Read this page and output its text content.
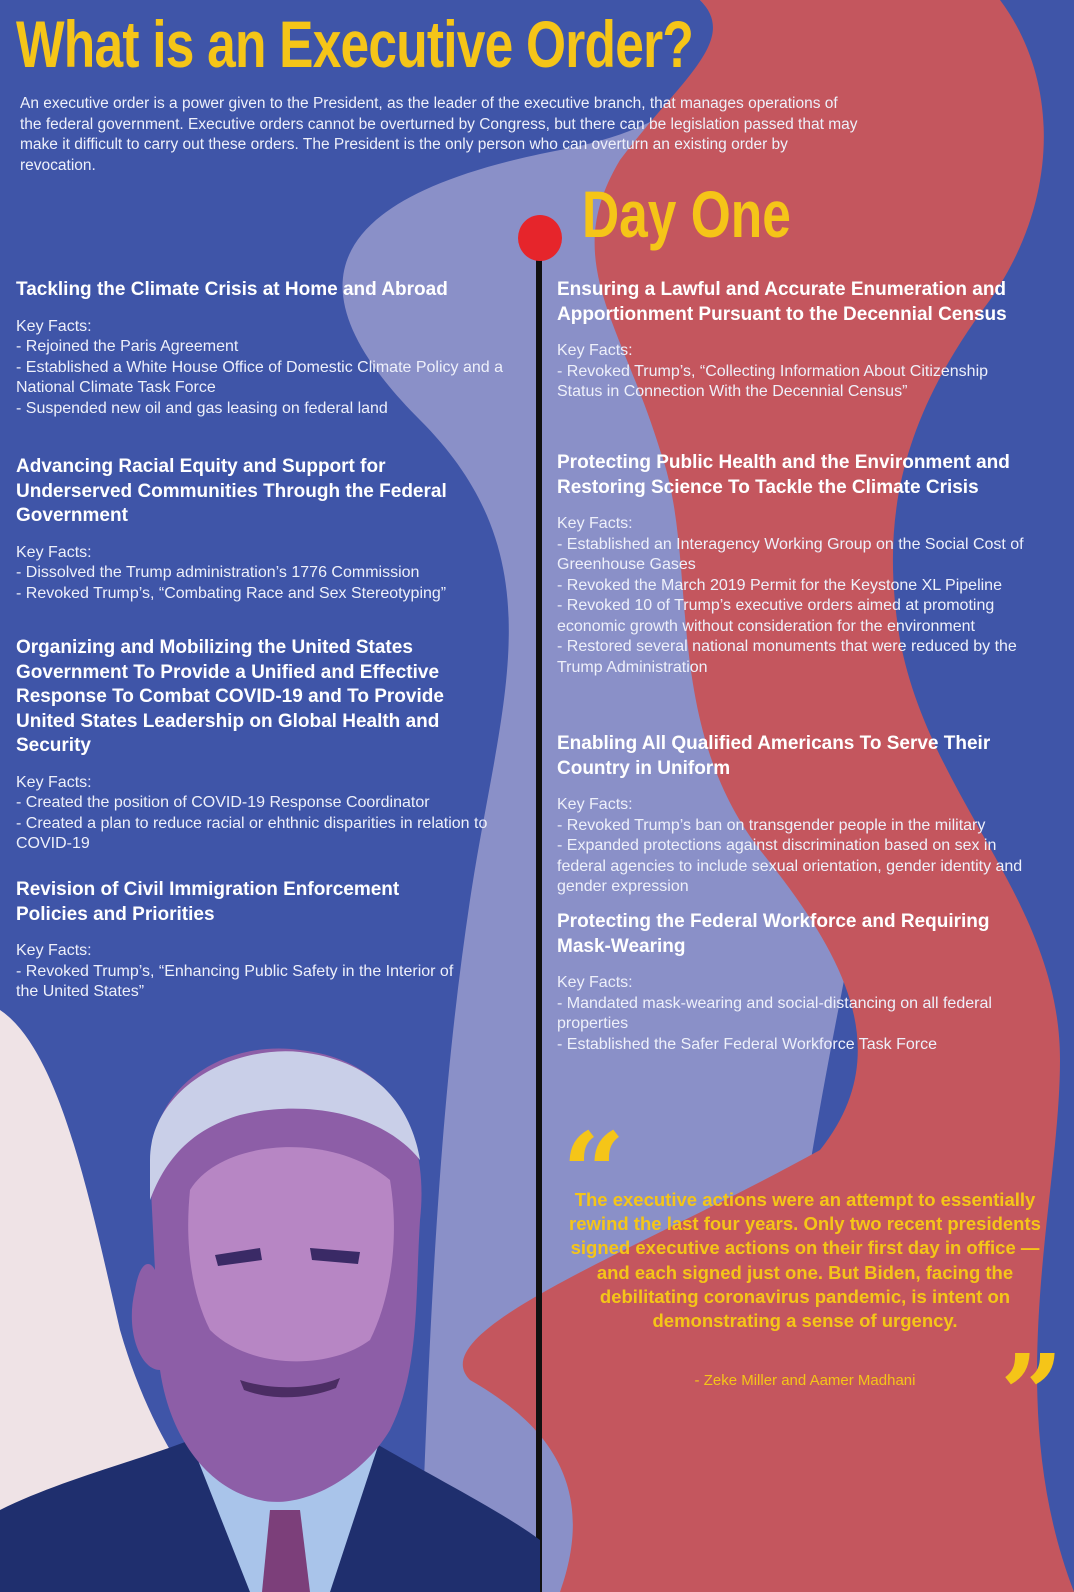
What is an Executive Order?
An executive order is a power given to the President, as the leader of the executive branch, that manages operations of the federal government. Executive orders cannot be overturned by Congress, but there can be legislation passed that may make it difficult to carry out these orders. The President is the only person who can overturn an existing order by revocation.
Day One
Tackling the Climate Crisis at Home and Abroad
Key Facts:
- Rejoined the Paris Agreement
- Established a White House Office of Domestic Climate Policy and a National Climate Task Force
- Suspended new oil and gas leasing on federal land
Advancing Racial Equity and Support for Underserved Communities Through the Federal Government
Key Facts:
- Dissolved the Trump administration’s 1776 Commission
- Revoked Trump’s, “Combating Race and Sex Stereotyping”
Organizing and Mobilizing the United States Government To Provide a Unified and Effective Response To Combat COVID-19 and To Provide United States Leadership on Global Health and Security
Key Facts:
- Created the position of COVID-19 Response Coordinator
- Created a plan to reduce racial or ehthnic disparities in relation to COVID-19
Revision of Civil Immigration Enforcement Policies and Priorities
Key Facts:
- Revoked Trump’s, “Enhancing Public Safety in the Interior of the United States”
Ensuring a Lawful and Accurate Enumeration and Apportionment Pursuant to the Decennial Census
Key Facts:
- Revoked Trump’s, “Collecting Information About Citizenship Status in Connection With the Decennial Census”
Protecting Public Health and the Environment and Restoring Science To Tackle the Climate Crisis
Key Facts:
- Established an Interagency Working Group on the Social Cost of Greenhouse Gases
- Revoked the March 2019 Permit for the Keystone XL Pipeline
- Revoked 10 of Trump’s executive orders aimed at promoting economic growth without consideration for the environment
- Restored several national monuments that were reduced by the Trump Administration
Enabling All Qualified Americans To Serve Their Country in Uniform
Key Facts:
- Revoked Trump’s ban on transgender people in the military
- Expanded protections against discrimination based on sex in federal agencies to include sexual orientation, gender identity and gender expression
Protecting the Federal Workforce and Requiring Mask-Wearing
Key Facts:
- Mandated mask-wearing and social-distancing on all federal properties
- Established the Safer Federal Workforce Task Force
“
The executive actions were an attempt to essentially rewind the last four years. Only two recent presidents signed executive actions on their first day in office — and each signed just one. But Biden, facing the debilitating coronavirus pandemic, is intent on demonstrating a sense of urgency.
- Zeke Miller and Aamer Madhani ”
